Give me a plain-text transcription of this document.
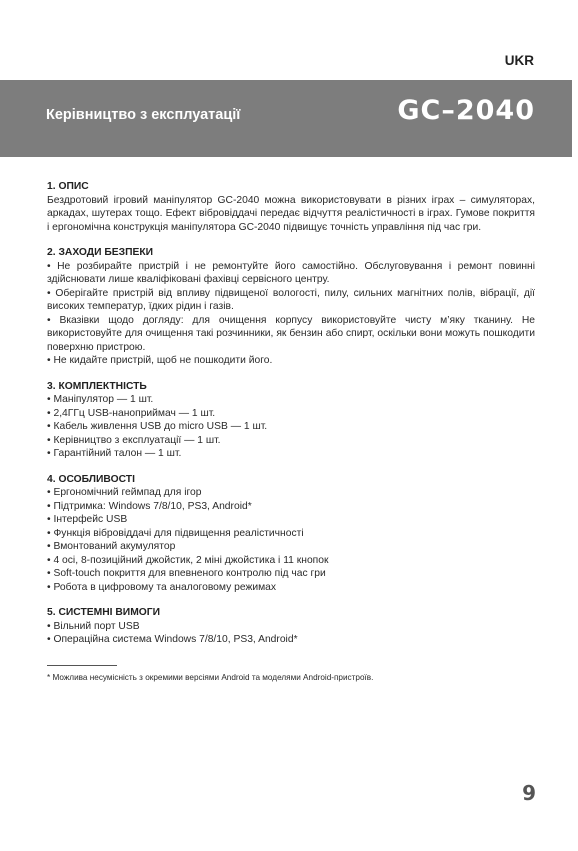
UKR
Керівництво з експлуатації	GC–2040
1. ОПИС

Бездротовий ігровий маніпулятор GC-2040 можна використовувати в різних іграх – симуляторах, аркадах, шутерах тощо. Ефект вібровіддачі передає відчуття реалістичності в іграх. Гумове покриття і ергономічна конструкція маніпулятора GC-2040 підвищує точність управління під час гри.

2. ЗАХОДИ БЕЗПЕКИ

• Не розбирайте пристрій і не ремонтуйте його самостійно. Обслуговування і ремонт повинні здійснювати лише кваліфіковані фахівці сервісного центру.

• Оберігайте пристрій від впливу підвищеної вологості, пилу, сильних магнітних полів, вібрації, дії високих температур, їдких рідин і газів.

• Вказівки щодо догляду: для очищення корпусу використовуйте чисту м’яку тканину. Не використовуйте для очищення такі розчинники, як бензин або спирт, оскільки вони можуть пошкодити поверхню пристрою.

• Не кидайте пристрій, щоб не пошкодити його.

3. КОМПЛЕКТНІСТЬ

• Маніпулятор — 1 шт.

• 2,4ГГц USB-наноприймач — 1 шт.

• Кабель живлення USB до micro USB — 1 шт.

• Керівництво з експлуатації — 1 шт.

• Гарантійний талон — 1 шт.

4. ОСОБЛИВОСТІ

• Ергономічний геймпад для ігор

• Підтримка: Windows 7/8/10, PS3, Android*

• Інтерфейс USB

• Функція вібровіддачі для підвищення реалістичності

• Вмонтований акумулятор

• 4 осі, 8-позиційний джойстик, 2 міні джойстика і 11 кнопок

• Soft-touch покриття для впевненого контролю під час гри

• Робота в цифровому та аналоговому режимах

5. СИСТЕМНІ ВИМОГИ

• Вільний порт USB

• Операційна система Windows 7/8/10, PS3, Android*

* Можлива несумісність з окремими версіями Android та моделями Android-пристроїв.
9
